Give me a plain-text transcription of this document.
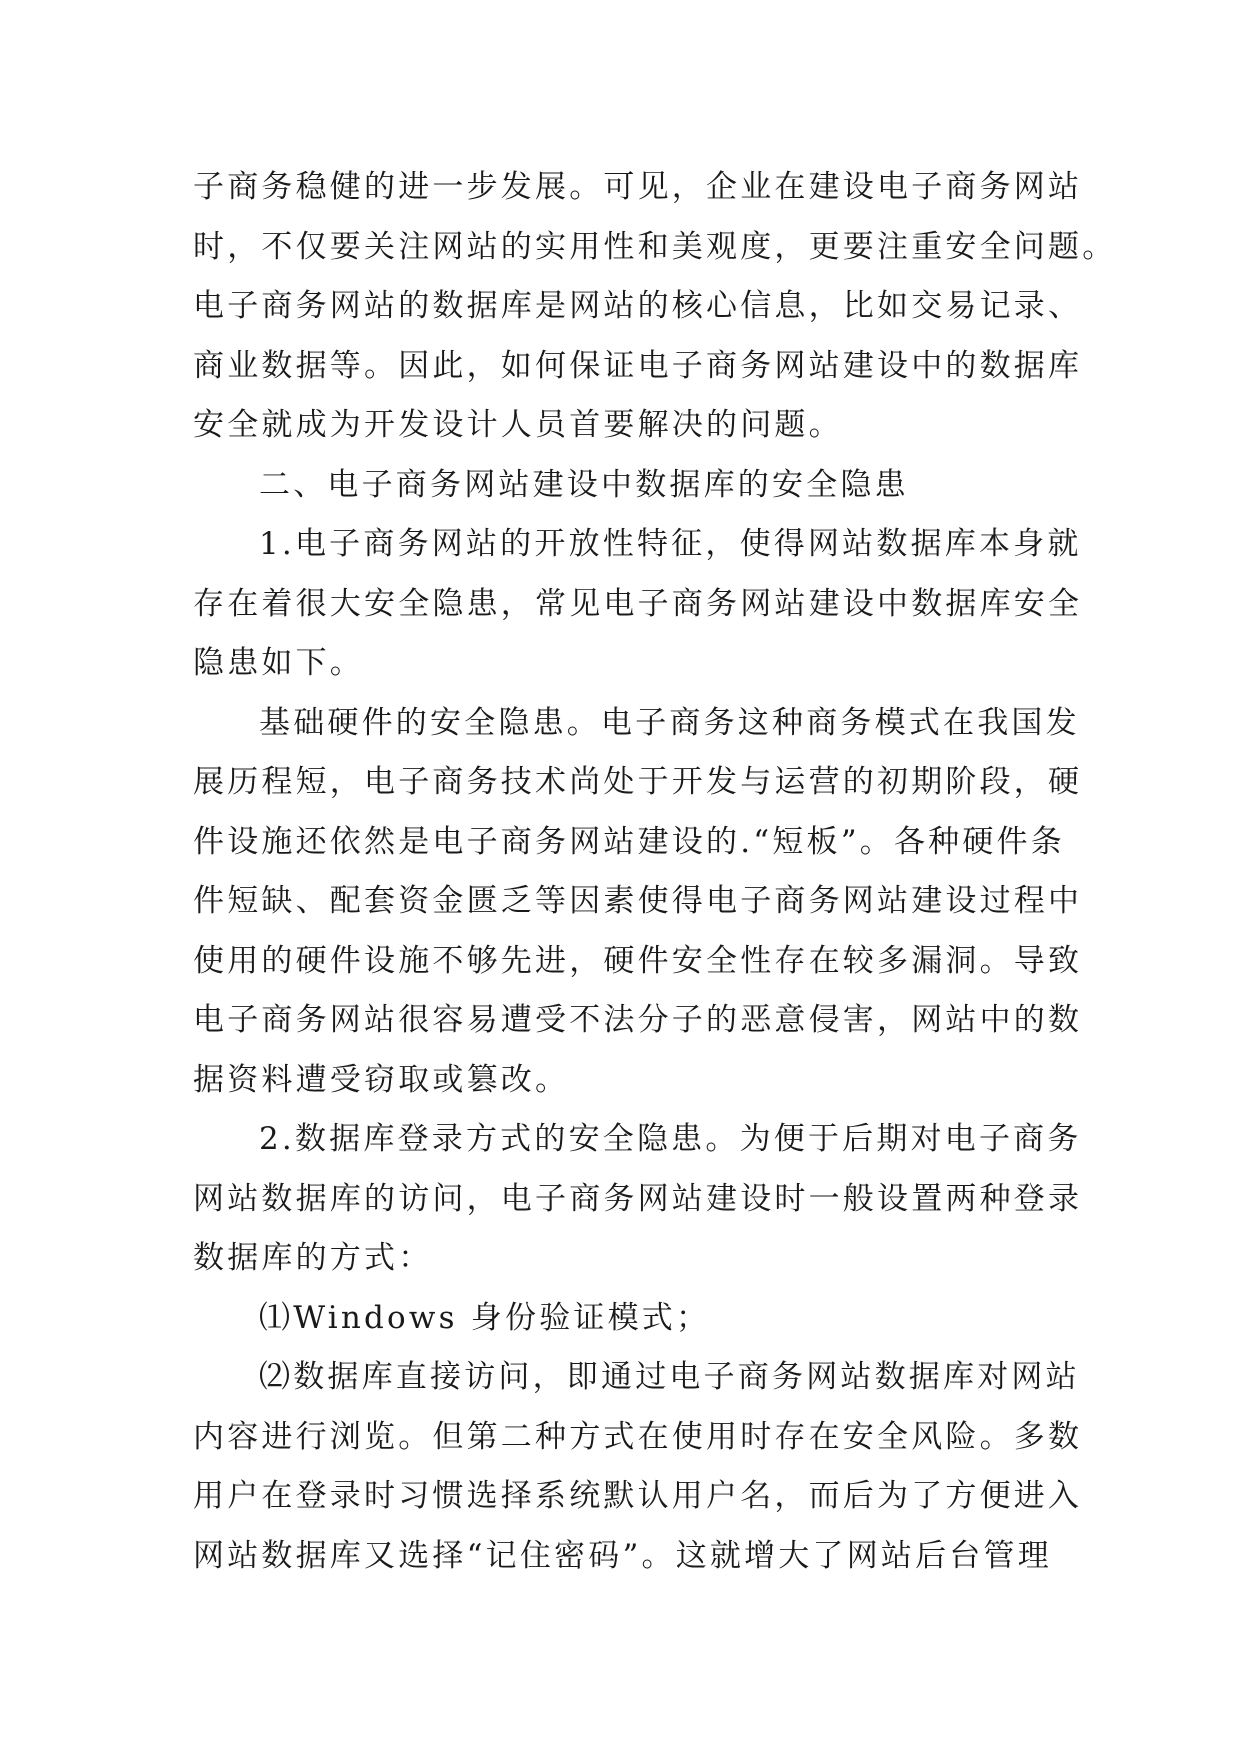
子商务稳健的进一步发展。可见，企业在建设电子商务网站
时，不仅要关注网站的实用性和美观度，更要注重安全问题。
电子商务网站的数据库是网站的核心信息，比如交易记录、
商业数据等。因此，如何保证电子商务网站建设中的数据库
安全就成为开发设计人员首要解决的问题。
二、电子商务网站建设中数据库的安全隐患
1.电子商务网站的开放性特征，使得网站数据库本身就
存在着很大安全隐患，常见电子商务网站建设中数据库安全
隐患如下。
基础硬件的安全隐患。电子商务这种商务模式在我国发
展历程短，电子商务技术尚处于开发与运营的初期阶段，硬
件设施还依然是电子商务网站建设的.“短板”。各种硬件条
件短缺、配套资金匮乏等因素使得电子商务网站建设过程中
使用的硬件设施不够先进，硬件安全性存在较多漏洞。导致
电子商务网站很容易遭受不法分子的恶意侵害，网站中的数
据资料遭受窃取或篡改。
2.数据库登录方式的安全隐患。为便于后期对电子商务
网站数据库的访问，电子商务网站建设时一般设置两种登录
数据库的方式：
⑴Windows 身份验证模式；
⑵数据库直接访问，即通过电子商务网站数据库对网站
内容进行浏览。但第二种方式在使用时存在安全风险。多数
用户在登录时习惯选择系统默认用户名，而后为了方便进入
网站数据库又选择“记住密码”。这就增大了网站后台管理
